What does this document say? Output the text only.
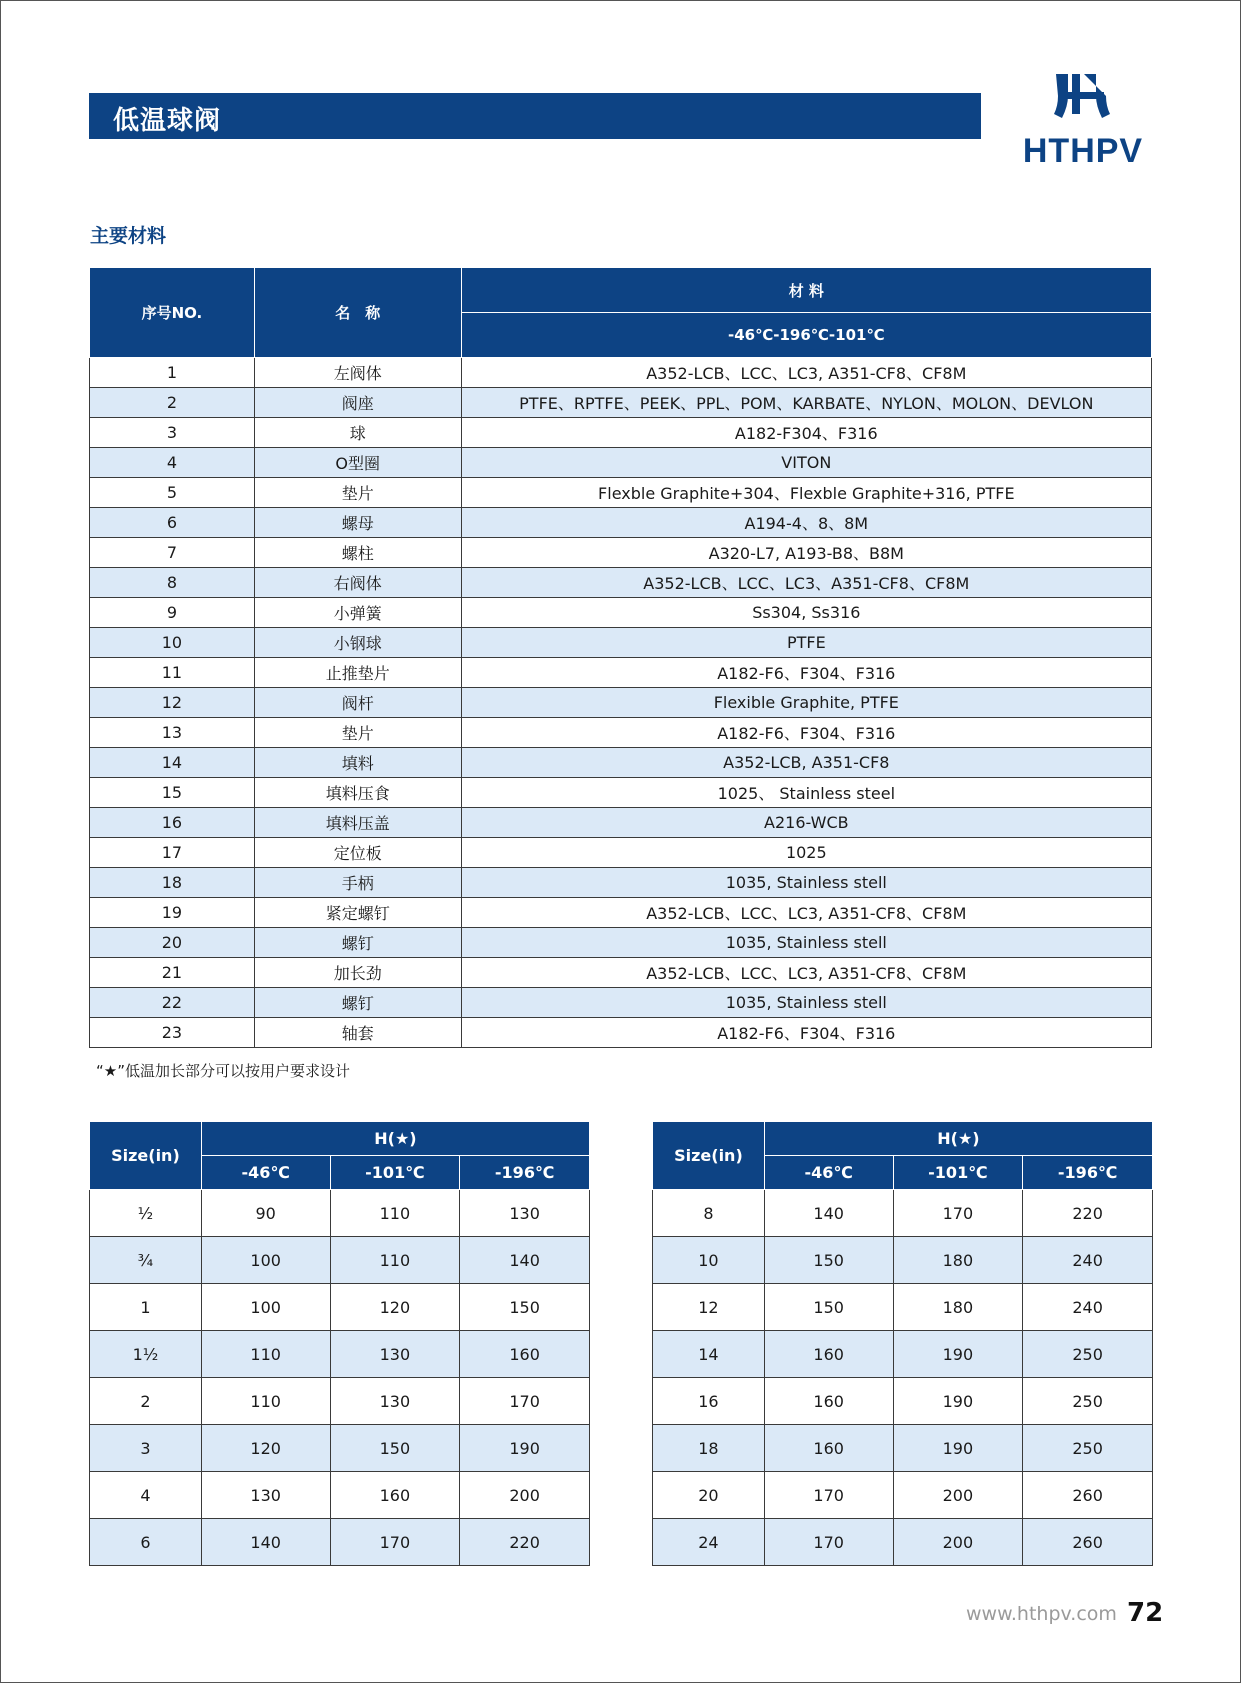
低温球阀
HTHPV
主要材料
序号NO.	名　称	材 料
		-46℃-196℃-101℃
1	左阀体	A352-LCB、LCC、LC3, A351-CF8、CF8M
2	阀座	PTFE、RPTFE、PEEK、PPL、POM、KARBATE、NYLON、MOLON、DEVLON
3	球	A182-F304、F316
4	O型圈	VITON
5	垫片	Flexble Graphite+304、Flexble Graphite+316, PTFE
6	螺母	A194-4、8、8M
7	螺柱	A320-L7, A193-B8、B8M
8	右阀体	A352-LCB、LCC、LC3、A351-CF8、CF8M
9	小弹簧	Ss304, Ss316
10	小钢球	PTFE
11	止推垫片	A182-F6、F304、F316
12	阀杆	Flexible Graphite, PTFE
13	垫片	A182-F6、F304、F316
14	填料	A352-LCB, A351-CF8
15	填料压食	1025、 Stainless steel
16	填料压盖	A216-WCB
17	定位板	1025
18	手柄	1035, Stainless stell
19	紧定螺钉	A352-LCB、LCC、LC3, A351-CF8、CF8M
20	螺钉	1035, Stainless stell
21	加长劲	A352-LCB、LCC、LC3, A351-CF8、CF8M
22	螺钉	1035, Stainless stell
23	轴套	A182-F6、F304、F316
“★”低温加长部分可以按用户要求设计
Size(in)	H(★)		
	-46℃	-101℃	-196℃
½	90	110	130
¾	100	110	140
1	100	120	150
1½	110	130	160
2	110	130	170
3	120	150	190
4	130	160	200
6	140	170	220
Size(in)	H(★)		
	-46℃	-101℃	-196℃
8	140	170	220
10	150	180	240
12	150	180	240
14	160	190	250
16	160	190	250
18	160	190	250
20	170	200	260
24	170	200	260
www.hthpv.com 72
